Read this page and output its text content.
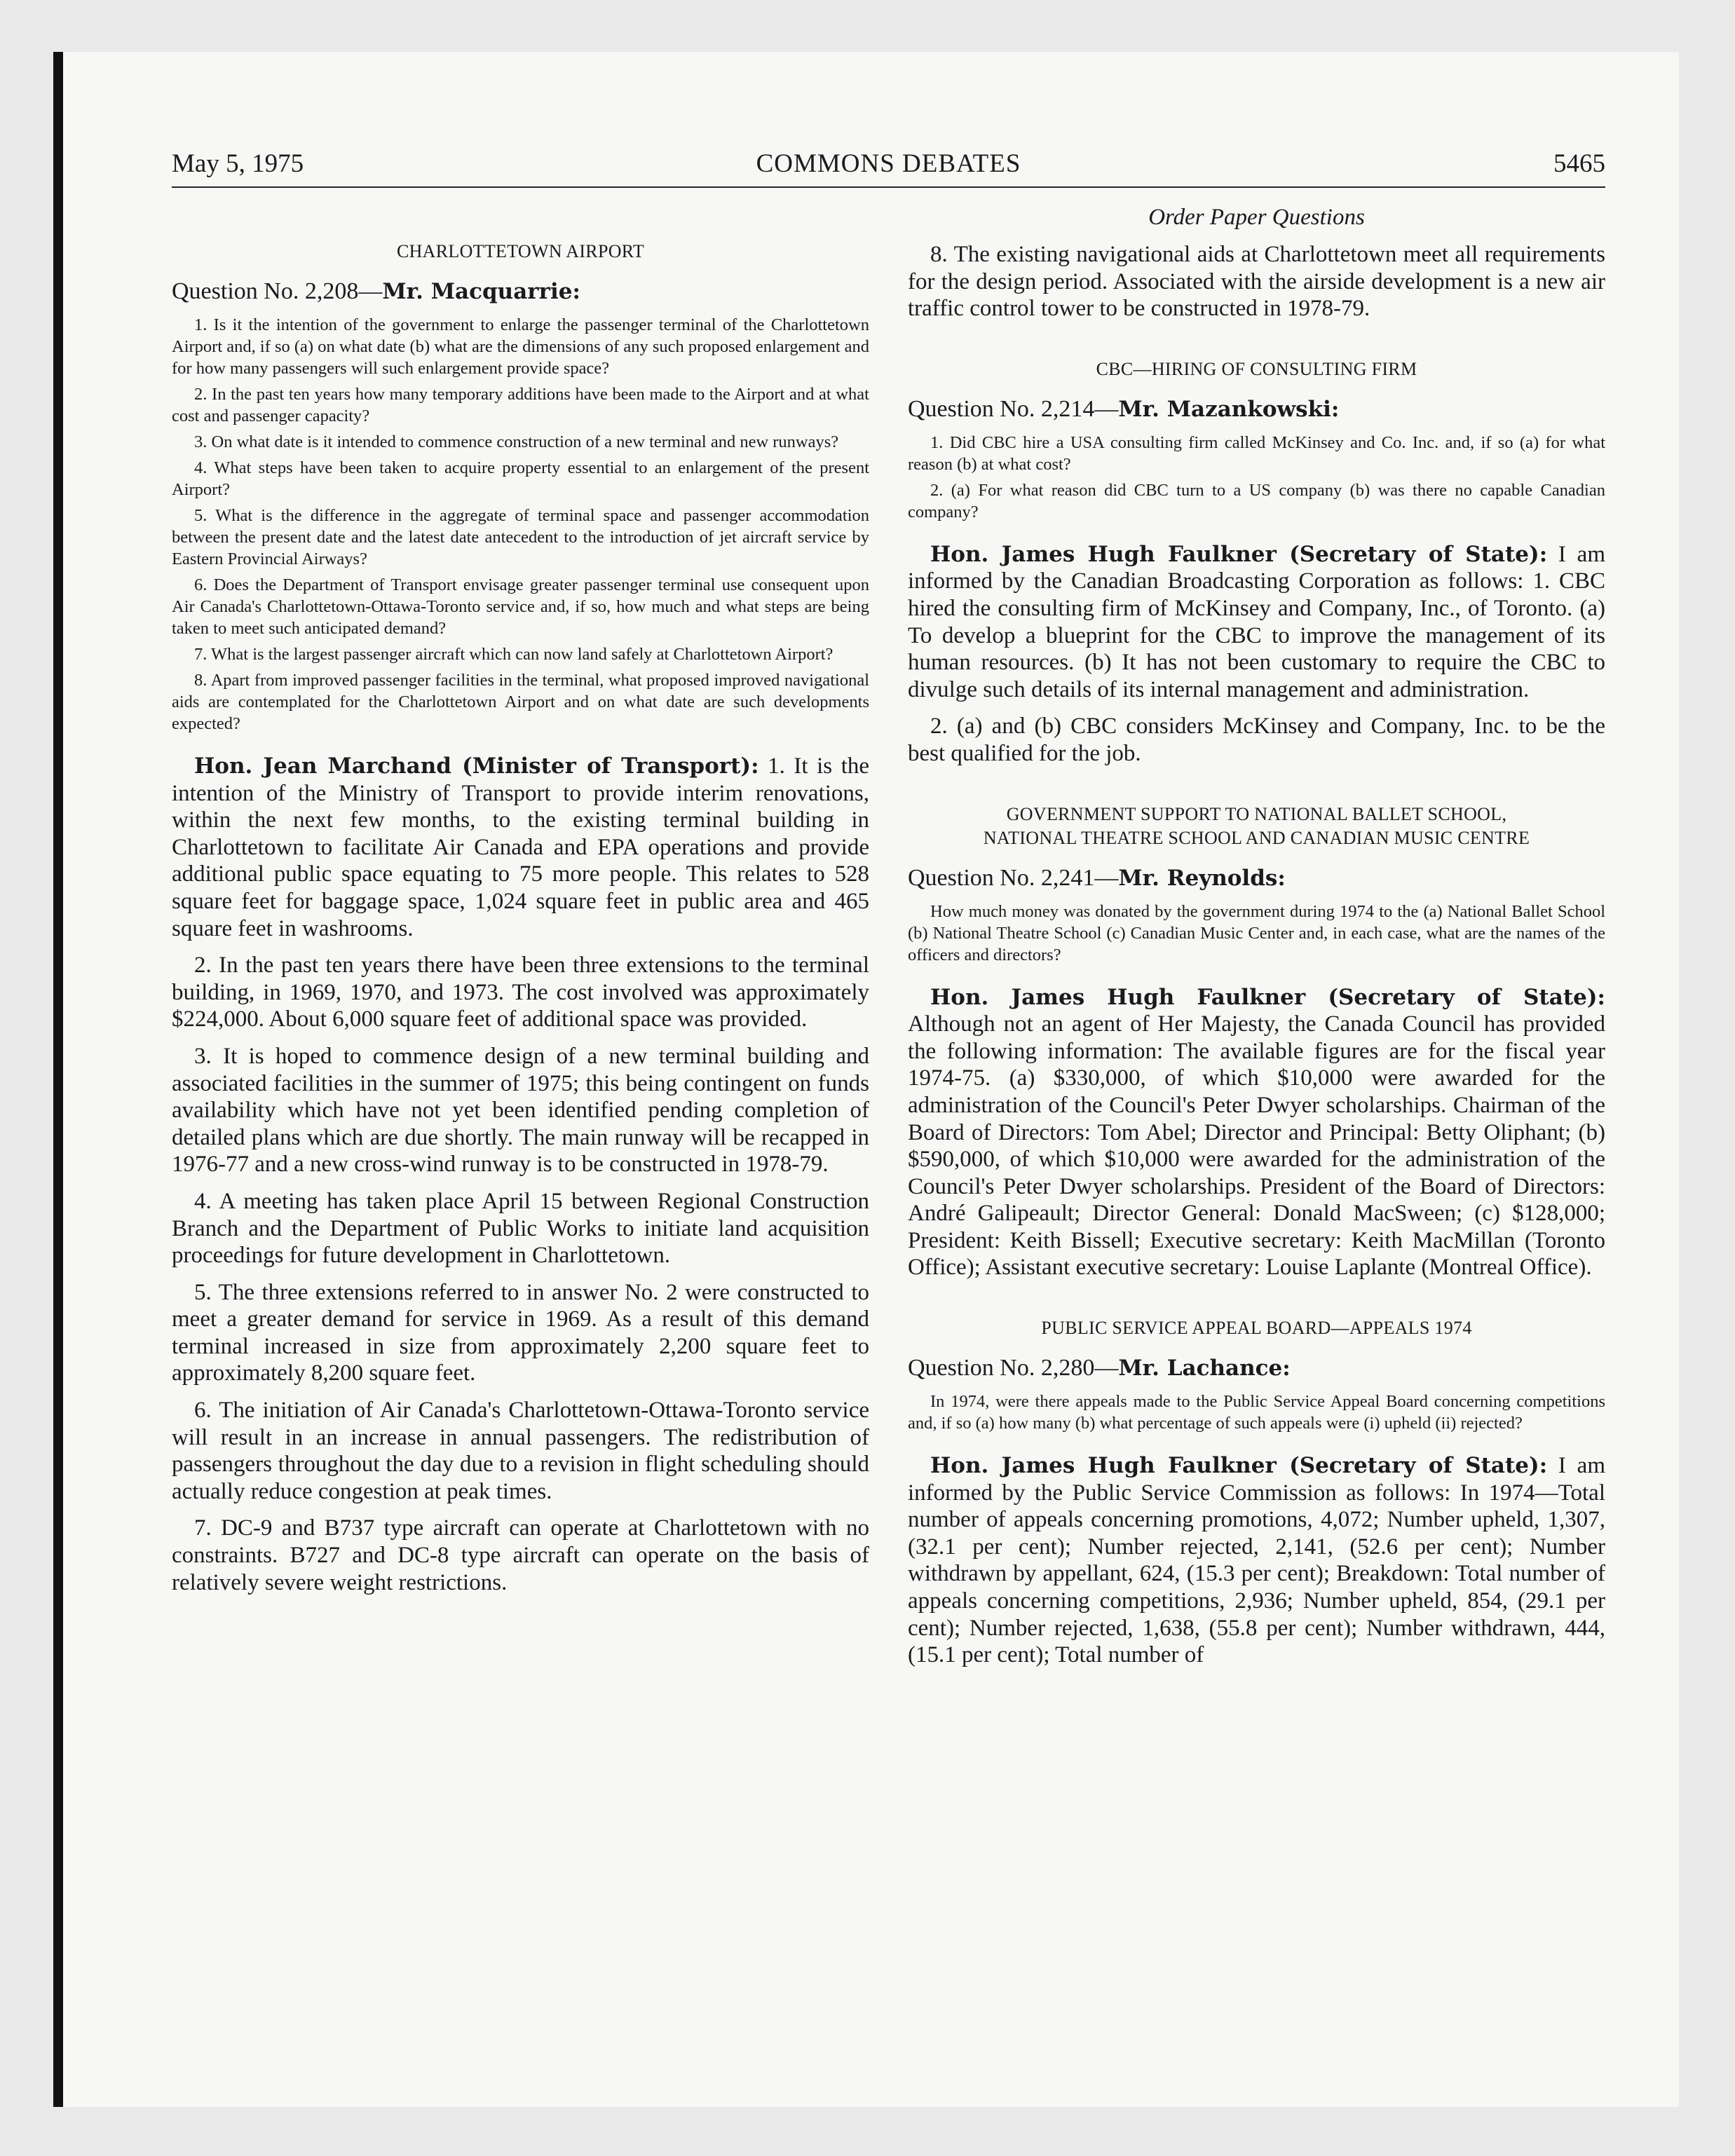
May 5, 1975	COMMONS DEBATES	5465
CHARLOTTETOWN AIRPORT
Question No. 2,208—Mr. Macquarrie:

1. Is it the intention of the government to enlarge the passenger terminal of the Charlottetown Airport and, if so (a) on what date (b) what are the dimensions of any such proposed enlargement and for how many passengers will such enlargement provide space?

2. In the past ten years how many temporary additions have been made to the Airport and at what cost and passenger capacity?

3. On what date is it intended to commence construction of a new terminal and new runways?

4. What steps have been taken to acquire property essential to an enlargement of the present Airport?

5. What is the difference in the aggregate of terminal space and passenger accommodation between the present date and the latest date antecedent to the introduction of jet aircraft service by Eastern Provincial Airways?

6. Does the Department of Transport envisage greater passenger terminal use consequent upon Air Canada's Charlottetown-Ottawa-Toronto service and, if so, how much and what steps are being taken to meet such anticipated demand?

7. What is the largest passenger aircraft which can now land safely at Charlottetown Airport?

8. Apart from improved passenger facilities in the terminal, what proposed improved navigational aids are contemplated for the Charlottetown Airport and on what date are such developments expected?

Hon. Jean Marchand (Minister of Transport): 1. It is the intention of the Ministry of Transport to provide interim renovations, within the next few months, to the existing terminal building in Charlottetown to facilitate Air Canada and EPA operations and provide additional public space equating to 75 more people. This relates to 528 square feet for baggage space, 1,024 square feet in public area and 465 square feet in washrooms.

2. In the past ten years there have been three extensions to the terminal building, in 1969, 1970, and 1973. The cost involved was approximately $224,000. About 6,000 square feet of additional space was provided.

3. It is hoped to commence design of a new terminal building and associated facilities in the summer of 1975; this being contingent on funds availability which have not yet been identified pending completion of detailed plans which are due shortly. The main runway will be recapped in 1976-77 and a new cross-wind runway is to be constructed in 1978-79.

4. A meeting has taken place April 15 between Regional Construction Branch and the Department of Public Works to initiate land acquisition proceedings for future development in Charlottetown.

5. The three extensions referred to in answer No. 2 were constructed to meet a greater demand for service in 1969. As a result of this demand terminal increased in size from approximately 2,200 square feet to approximately 8,200 square feet.

6. The initiation of Air Canada's Charlottetown-Ottawa-Toronto service will result in an increase in annual passengers. The redistribution of passengers throughout the day due to a revision in flight scheduling should actually reduce congestion at peak times.

7. DC-9 and B737 type aircraft can operate at Charlottetown with no constraints. B727 and DC-8 type aircraft can operate on the basis of relatively severe weight restrictions.

Order Paper Questions

8. The existing navigational aids at Charlottetown meet all requirements for the design period. Associated with the airside development is a new air traffic control tower to be constructed in 1978-79.

CBC—HIRING OF CONSULTING FIRM
Question No. 2,214—Mr. Mazankowski:

1. Did CBC hire a USA consulting firm called McKinsey and Co. Inc. and, if so (a) for what reason (b) at what cost?

2. (a) For what reason did CBC turn to a US company (b) was there no capable Canadian company?

Hon. James Hugh Faulkner (Secretary of State): I am informed by the Canadian Broadcasting Corporation as follows: 1. CBC hired the consulting firm of McKinsey and Company, Inc., of Toronto. (a) To develop a blueprint for the CBC to improve the management of its human resources. (b) It has not been customary to require the CBC to divulge such details of its internal management and administration.

2. (a) and (b) CBC considers McKinsey and Company, Inc. to be the best qualified for the job.

GOVERNMENT SUPPORT TO NATIONAL BALLET SCHOOL,
NATIONAL THEATRE SCHOOL AND CANADIAN MUSIC CENTRE
Question No. 2,241—Mr. Reynolds:

How much money was donated by the government during 1974 to the (a) National Ballet School (b) National Theatre School (c) Canadian Music Center and, in each case, what are the names of the officers and directors?

Hon. James Hugh Faulkner (Secretary of State): Although not an agent of Her Majesty, the Canada Council has provided the following information: The available figures are for the fiscal year 1974-75. (a) $330,000, of which $10,000 were awarded for the administration of the Council's Peter Dwyer scholarships. Chairman of the Board of Directors: Tom Abel; Director and Principal: Betty Oliphant; (b) $590,000, of which $10,000 were awarded for the administration of the Council's Peter Dwyer scholarships. President of the Board of Directors: André Galipeault; Director General: Donald MacSween; (c) $128,000; President: Keith Bissell; Executive secretary: Keith MacMillan (Toronto Office); Assistant executive secretary: Louise Laplante (Montreal Office).

PUBLIC SERVICE APPEAL BOARD—APPEALS 1974
Question No. 2,280—Mr. Lachance:

In 1974, were there appeals made to the Public Service Appeal Board concerning competitions and, if so (a) how many (b) what percentage of such appeals were (i) upheld (ii) rejected?

Hon. James Hugh Faulkner (Secretary of State): I am informed by the Public Service Commission as follows: In 1974—Total number of appeals concerning promotions, 4,072; Number upheld, 1,307, (32.1 per cent); Number rejected, 2,141, (52.6 per cent); Number withdrawn by appellant, 624, (15.3 per cent); Breakdown: Total number of appeals concerning competitions, 2,936; Number upheld, 854, (29.1 per cent); Number rejected, 1,638, (55.8 per cent); Number withdrawn, 444, (15.1 per cent); Total number of
